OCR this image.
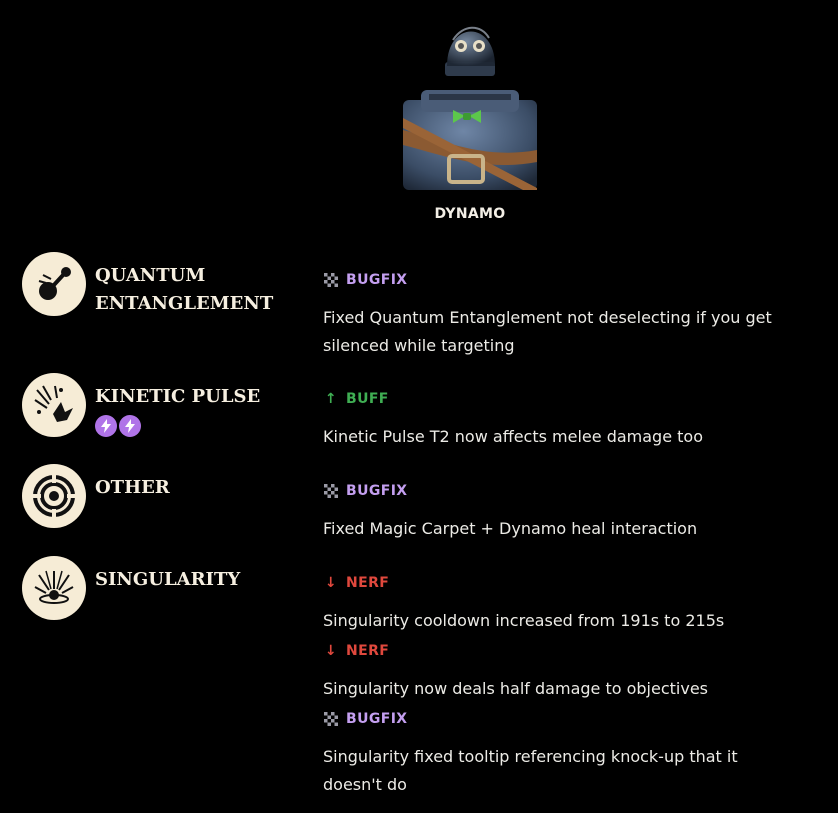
DYNAMO
QUANTUM ENTANGLEMENT
KINETIC PULSE
OTHER
SINGULARITY
BUGFIX
Fixed Quantum Entanglement not deselecting if you get silenced while targeting
↑ BUFF
Kinetic Pulse T2 now affects melee damage too
BUGFIX
Fixed Magic Carpet + Dynamo heal interaction
↓ NERF
Singularity cooldown increased from 191s to 215s
↓ NERF
Singularity now deals half damage to objectives
BUGFIX
Singularity fixed tooltip referencing knock-up that it doesn't do
